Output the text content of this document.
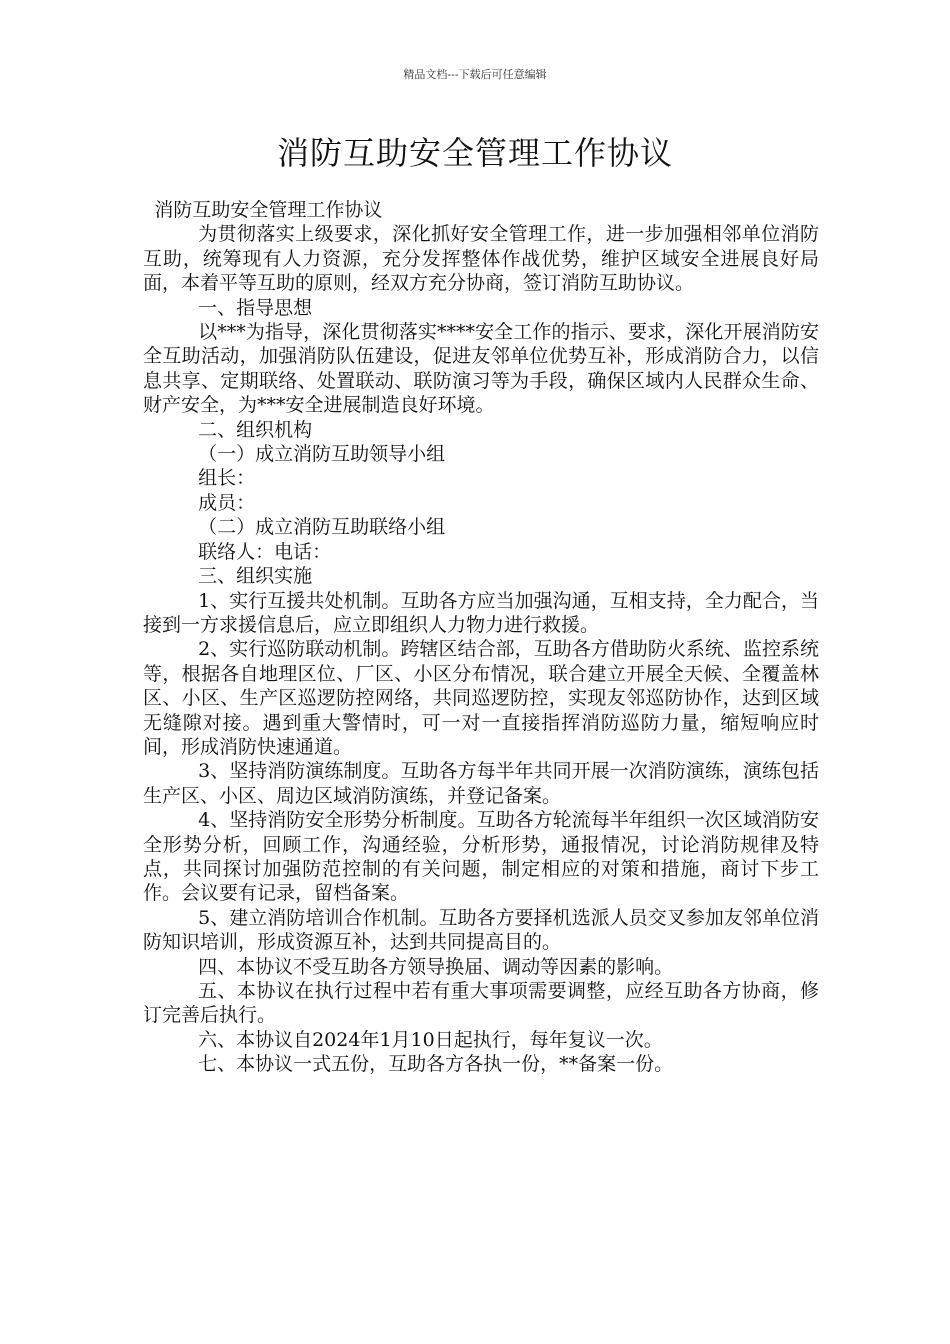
精品文档---下载后可任意编辑
消防互助安全管理工作协议

消防互助安全管理工作协议

为贯彻落实上级要求，深化抓好安全管理工作，进一步加强相邻单位消防互助，统筹现有人力资源，充分发挥整体作战优势，维护区域安全进展良好局面，本着平等互助的原则，经双方充分协商，签订消防互助协议。

一、指导思想

以***为指导，深化贯彻落实****安全工作的指示、要求，深化开展消防安全互助活动，加强消防队伍建设，促进友邻单位优势互补，形成消防合力，以信息共享、定期联络、处置联动、联防演习等为手段，确保区域内人民群众生命、财产安全，为***安全进展制造良好环境。

二、组织机构

（一）成立消防互助领导小组

组长：

成员：

（二）成立消防互助联络小组

联络人：电话：

三、组织实施

1、实行互援共处机制。互助各方应当加强沟通，互相支持，全力配合，当接到一方求援信息后，应立即组织人力物力进行救援。

2、实行巡防联动机制。跨辖区结合部，互助各方借助防火系统、监控系统等，根据各自地理区位、厂区、小区分布情况，联合建立开展全天候、全覆盖林区、小区、生产区巡逻防控网络，共同巡逻防控，实现友邻巡防协作，达到区域无缝隙对接。遇到重大警情时，可一对一直接指挥消防巡防力量，缩短响应时间，形成消防快速通道。

3、坚持消防演练制度。互助各方每半年共同开展一次消防演练，演练包括生产区、小区、周边区域消防演练，并登记备案。

4、坚持消防安全形势分析制度。互助各方轮流每半年组织一次区域消防安全形势分析，回顾工作，沟通经验，分析形势，通报情况，讨论消防规律及特点，共同探讨加强防范控制的有关问题，制定相应的对策和措施，商讨下步工作。会议要有记录，留档备案。

5、建立消防培训合作机制。互助各方要择机选派人员交叉参加友邻单位消防知识培训，形成资源互补，达到共同提高目的。

四、本协议不受互助各方领导换届、调动等因素的影响。

五、本协议在执行过程中若有重大事项需要调整，应经互助各方协商，修订完善后执行。

六、本协议自2024年1月10日起执行，每年复议一次。

七、本协议一式五份，互助各方各执一份，**备案一份。
